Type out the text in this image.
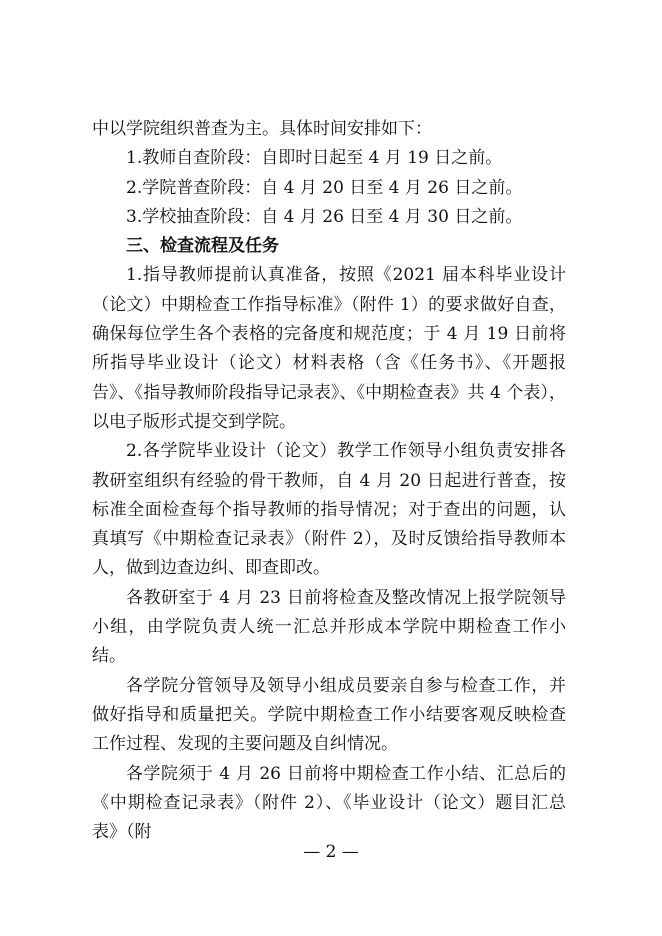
中以学院组织普查为主。具体时间安排如下：

1.教师自查阶段：自即时日起至 4 月 19 日之前。

2.学院普查阶段：自 4 月 20 日至 4 月 26 日之前。

3.学校抽查阶段：自 4 月 26 日至 4 月 30 日之前。

三、检查流程及任务

1.指导教师提前认真准备，按照《2021 届本科毕业设计（论文）中期检查工作指导标准》（附件 1）的要求做好自查，确保每位学生各个表格的完备度和规范度；于 4 月 19 日前将所指导毕业设计（论文）材料表格（含《任务书》、《开题报告》、《指导教师阶段指导记录表》、《中期检查表》共 4 个表），以电子版形式提交到学院。

2.各学院毕业设计（论文）教学工作领导小组负责安排各教研室组织有经验的骨干教师，自 4 月 20 日起进行普查，按标准全面检查每个指导教师的指导情况；对于查出的问题，认真填写《中期检查记录表》（附件 2），及时反馈给指导教师本人，做到边查边纠、即查即改。

各教研室于 4 月 23 日前将检查及整改情况上报学院领导小组，由学院负责人统一汇总并形成本学院中期检查工作小结。

各学院分管领导及领导小组成员要亲自参与检查工作，并做好指导和质量把关。学院中期检查工作小结要客观反映检查工作过程、发现的主要问题及自纠情况。

各学院须于 4 月 26 日前将中期检查工作小结、汇总后的《中期检查记录表》（附件 2）、《毕业设计（论文）题目汇总表》（附

— 2 —
